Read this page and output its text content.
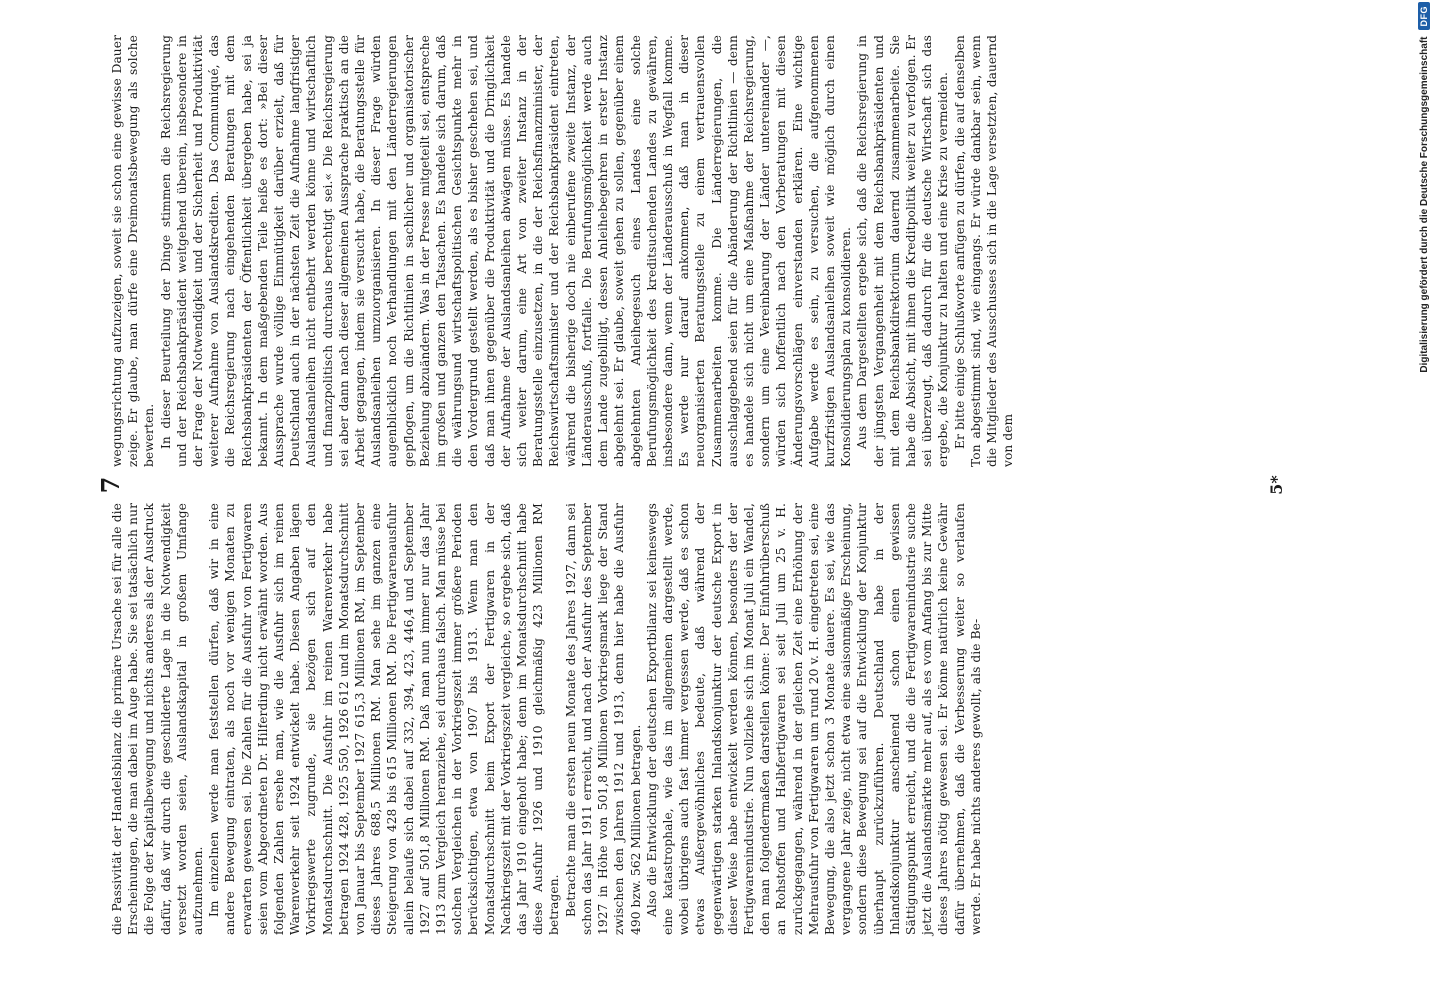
7

die Passivität der Handelsbilanz die primäre Ursache sei für alle die Erscheinungen, die man dabei im Auge habe. Sie sei tatsächlich nur die Folge der Kapitalbewegung und nichts anderes als der Ausdruck dafür, daß wir durch die geschilderte Lage in die Notwendigkeit versetzt worden seien, Auslandskapital in großem Umfange aufzunehmen. Im einzelnen werde man feststellen dürfen, daß wir in eine andere Bewegung eintraten, als noch vor wenigen Monaten zu erwarten gewesen sei. Die Zahlen für die Ausfuhr von Fertigwaren seien vom Abgeordneten Dr. Hilferding nicht erwähnt worden. Aus folgenden Zahlen ersehe man, wie die Ausfuhr sich im reinen Warenverkehr seit 1924 entwickelt habe. Diesen Angaben lägen Vorkriegswerte zugrunde, sie bezögen sich auf den Monatsdurchschnitt. Die Ausfuhr im reinen Warenverkehr habe betragen 1924 428, 1925 550, 1926 612 und im Monatsdurchschnitt von Januar bis September 1927 615,3 Millionen RM, im September dieses Jahres 688,5 Millionen RM. Man sehe im ganzen eine Steigerung von 428 bis 615 Millionen RM. Die Fertigwarenausfuhr allein belaufe sich dabei auf 332, 394, 423, 446,4 und September 1927 auf 501,8 Millionen RM. Daß man nun immer nur das Jahr 1913 zum Vergleich heranziehe, sei durchaus falsch. Man müsse bei solchen Vergleichen in der Vorkriegszeit immer größere Perioden berücksichtigen, etwa von 1907 bis 1913. Wenn man den Monatsdurchschnitt beim Export der Fertigwaren in der Nachkriegszeit mit der Vorkriegszeit vergleiche, so ergebe sich, daß das Jahr 1910 eingeholt habe; denn im Monatsdurchschnitt habe diese Ausfuhr 1926 und 1910 gleichmäßig 423 Millionen RM betragen. Betrachte man die ersten neun Monate des Jahres 1927, dann sei schon das Jahr 1911 erreicht, und nach der Ausfuhr des September 1927 in Höhe von 501,8 Millionen Vorkriegsmark liege der Stand zwischen den Jahren 1912 und 1913, denn hier habe die Ausfuhr 490 bzw. 562 Millionen betragen. Also die Entwicklung der deutschen Exportbilanz sei keineswegs eine katastrophale, wie das im allgemeinen dargestellt werde, wobei übrigens auch fast immer vergessen werde, daß es schon etwas Außergewöhnliches bedeute, daß während der gegenwärtigen starken Inlandskonjunktur der deutsche Export in dieser Weise habe entwickelt werden können, besonders der der Fertigwarenindustrie. Nun vollziehe sich im Monat Juli ein Wandel, den man folgendermaßen darstellen könne: Der Einfuhrüberschuß an Rohstoffen und Halbfertigwaren sei seit Juli um 25 v. H. zurückgegangen, während in der gleichen Zeit eine Erhöhung der Mehrausfuhr von Fertigwaren um rund 20 v. H. eingetreten sei, eine Bewegung, die also jetzt schon 3 Monate dauere. Es sei, wie das vergangene Jahr zeige, nicht etwa eine saisonmäßige Erscheinung, sondern diese Bewegung sei auf die Entwicklung der Konjunktur überhaupt zurückzuführen. Deutschland habe in der Inlandskonjunktur anscheinend schon einen gewissen Sättigungspunkt erreicht, und die die Fertigwarenindustrie suche jetzt die Auslandsmärkte mehr auf, als es vom Anfang bis zur Mitte dieses Jahres nötig gewesen sei. Er könne natürlich keine Gewähr dafür übernehmen, daß die Verbesserung weiter so verlaufen werde. Er habe nichts anderes gewollt, als die Be-

wegungsrichtung aufzuzeigen, soweit sie schon eine gewisse Dauer zeige. Er glaube, man dürfe eine Dreimonatsbewegung als solche bewerten. In dieser Beurteilung der Dinge stimmen die Reichsregierung und der Reichsbankpräsident weitgehend überein, insbesondere in der Frage der Notwendigkeit und der Sicherheit und Produktivität weiterer Aufnahme von Auslandskrediten. Das Communiqué, das die Reichsregierung nach eingehenden Beratungen mit dem Reichsbankpräsidenten der Öffentlichkeit übergeben habe, sei ja bekannt. In dem maßgebenden Teile heiße es dort: »Bei dieser Aussprache wurde völlige Einmütigkeit darüber erzielt, daß für Deutschland auch in der nächsten Zeit die Aufnahme langfristiger Auslandsanleihen nicht entbehrt werden könne und wirtschaftlich und finanzpolitisch durchaus berechtigt sei.« Die Reichsregierung sei aber dann nach dieser allgemeinen Aussprache praktisch an die Arbeit gegangen, indem sie versucht habe, die Beratungsstelle für Auslandsanleihen umzuorganisieren. In dieser Frage würden augenblicklich noch Verhandlungen mit den Länderregierungen gepflogen, um die Richtlinien in sachlicher und organisatorischer Beziehung abzuändern. Was in der Presse mitgeteilt sei, entspreche im großen und ganzen den Tatsachen. Es handele sich darum, daß die währungsund wirtschaftspolitischen Gesichtspunkte mehr in den Vordergrund gestellt werden, als es bisher geschehen sei, und daß man ihnen gegenüber die Produktivität und die Dringlichkeit der Aufnahme der Auslandsanleihen abwägen müsse. Es handele sich weiter darum, eine Art von zweiter Instanz in der Beratungsstelle einzusetzen, in die der Reichsfinanzminister, der Reichswirtschaftsminister und der Reichsbankpräsident eintreten, während die bisherige doch nie einberufene zweite Instanz, der Länderausschuß, fortfalle. Die Berufungsmöglichkeit werde auch dem Lande zugebilligt, dessen Anleihebegehren in erster Instanz abgelehnt sei. Er glaube, soweit gehen zu sollen, gegenüber einem abgelehnten Anleihegesuch eines Landes eine solche Berufungsmöglichkeit des kreditsuchenden Landes zu gewähren, insbesondere dann, wenn der Länderausschuß in Wegfall komme. Es werde nur darauf ankommen, daß man in dieser neuorganisierten Beratungsstelle zu einem vertrauensvollen Zusammenarbeiten komme. Die Länderregierungen, die ausschlaggebend seien für die Abänderung der Richtlinien — denn es handele sich nicht um eine Maßnahme der Reichsregierung, sondern um eine Vereinbarung der Länder untereinander —, würden sich hoffentlich nach den Vorberatungen mit diesen Änderungsvorschlägen einverstanden erklären. Eine wichtige Aufgabe werde es sein, zu versuchen, die aufgenommenen kurzfristigen Auslandsanleihen soweit wie möglich durch einen Konsolidierungsplan zu konsolidieren. Aus dem Dargestellten ergebe sich, daß die Reichsregierung in der jüngsten Vergangenheit mit dem Reichsbankpräsidenten und mit dem Reichsbankdirektorium dauernd zusammenarbeite. Sie habe die Absicht, mit ihnen die Kreditpolitik weiter zu verfolgen. Er sei überzeugt, daß dadurch für die deutsche Wirtschaft sich das ergebe, die Konjunktur zu halten und eine Krise zu vermeiden. Er bitte einige Schlußworte anfügen zu dürfen, die auf denselben Ton abgestimmt sind, wie eingangs. Er würde dankbar sein, wenn die Mitglieder des Ausschusses sich in die Lage versetzten, dauernd von dem

5*
Digitalisierung gefördert durch die Deutsche Forschungsgemeinschaft
DFG
